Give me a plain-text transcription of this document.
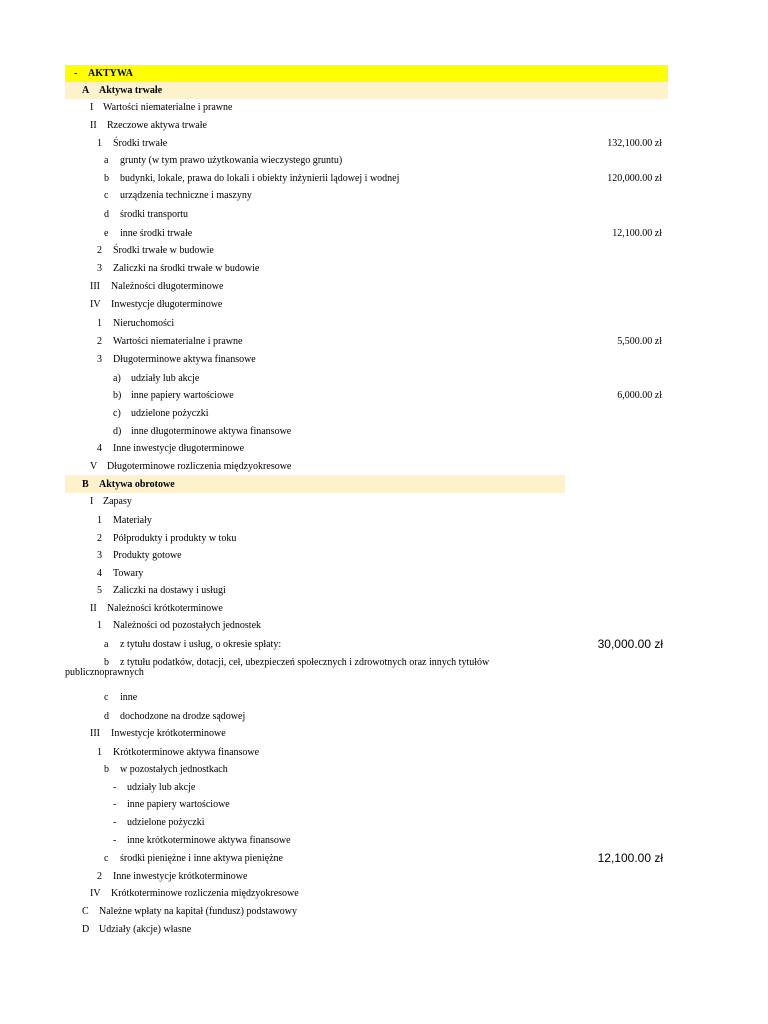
- AKTYWA
A Aktywa trwałe
I Wartości niematerialne i prawne
II Rzeczowe aktywa trwałe
1 Środki trwałe	132,100.00 zł
a grunty (w tym prawo użytkowania wieczystego gruntu)
b budynki, lokale, prawa do lokali i obiekty inżynierii lądowej i wodnej	120,000.00 zł
c urządzenia techniczne i maszyny
d środki transportu
e inne środki trwałe	12,100.00 zł
2 Środki trwałe w budowie
3 Zaliczki na środki trwałe w budowie
III Należności długoterminowe
IV Inwestycje długoterminowe
1 Nieruchomości
2 Wartości niematerialne i prawne	5,500.00 zł
3 Długoterminowe aktywa finansowe
a) udziały lub akcje
b) inne papiery wartościowe	6,000.00 zł
c) udzielone pożyczki
d) inne długoterminowe aktywa finansowe
4 Inne inwestycje długoterminowe
V Długoterminowe rozliczenia międzyokresowe
B Aktywa obrotowe
I Zapasy
1 Materiały
2 Półprodukty i produkty w toku
3 Produkty gotowe
4 Towary
5 Zaliczki na dostawy i usługi
II Należności krótkoterminowe
1 Należności od pozostałych jednostek
a z tytułu dostaw i usług, o okresie spłaty:	30,000.00 zł
b z tytułu podatków, dotacji, ceł, ubezpieczeń społecznych i zdrowotnych oraz innych tytułów
publicznoprawnych
c inne
d dochodzone na drodze sądowej
III Inwestycje krótkoterminowe
1 Krótkoterminowe aktywa finansowe
b w pozostałych jednostkach
- udziały lub akcje
- inne papiery wartościowe
- udzielone pożyczki
- inne krótkoterminowe aktywa finansowe
c środki pieniężne i inne aktywa pieniężne	12,100.00 zł
2 Inne inwestycje krótkoterminowe
IV Krótkoterminowe rozliczenia międzyokresowe
C Należne wpłaty na kapitał (fundusz) podstawowy
D Udziały (akcje) własne
